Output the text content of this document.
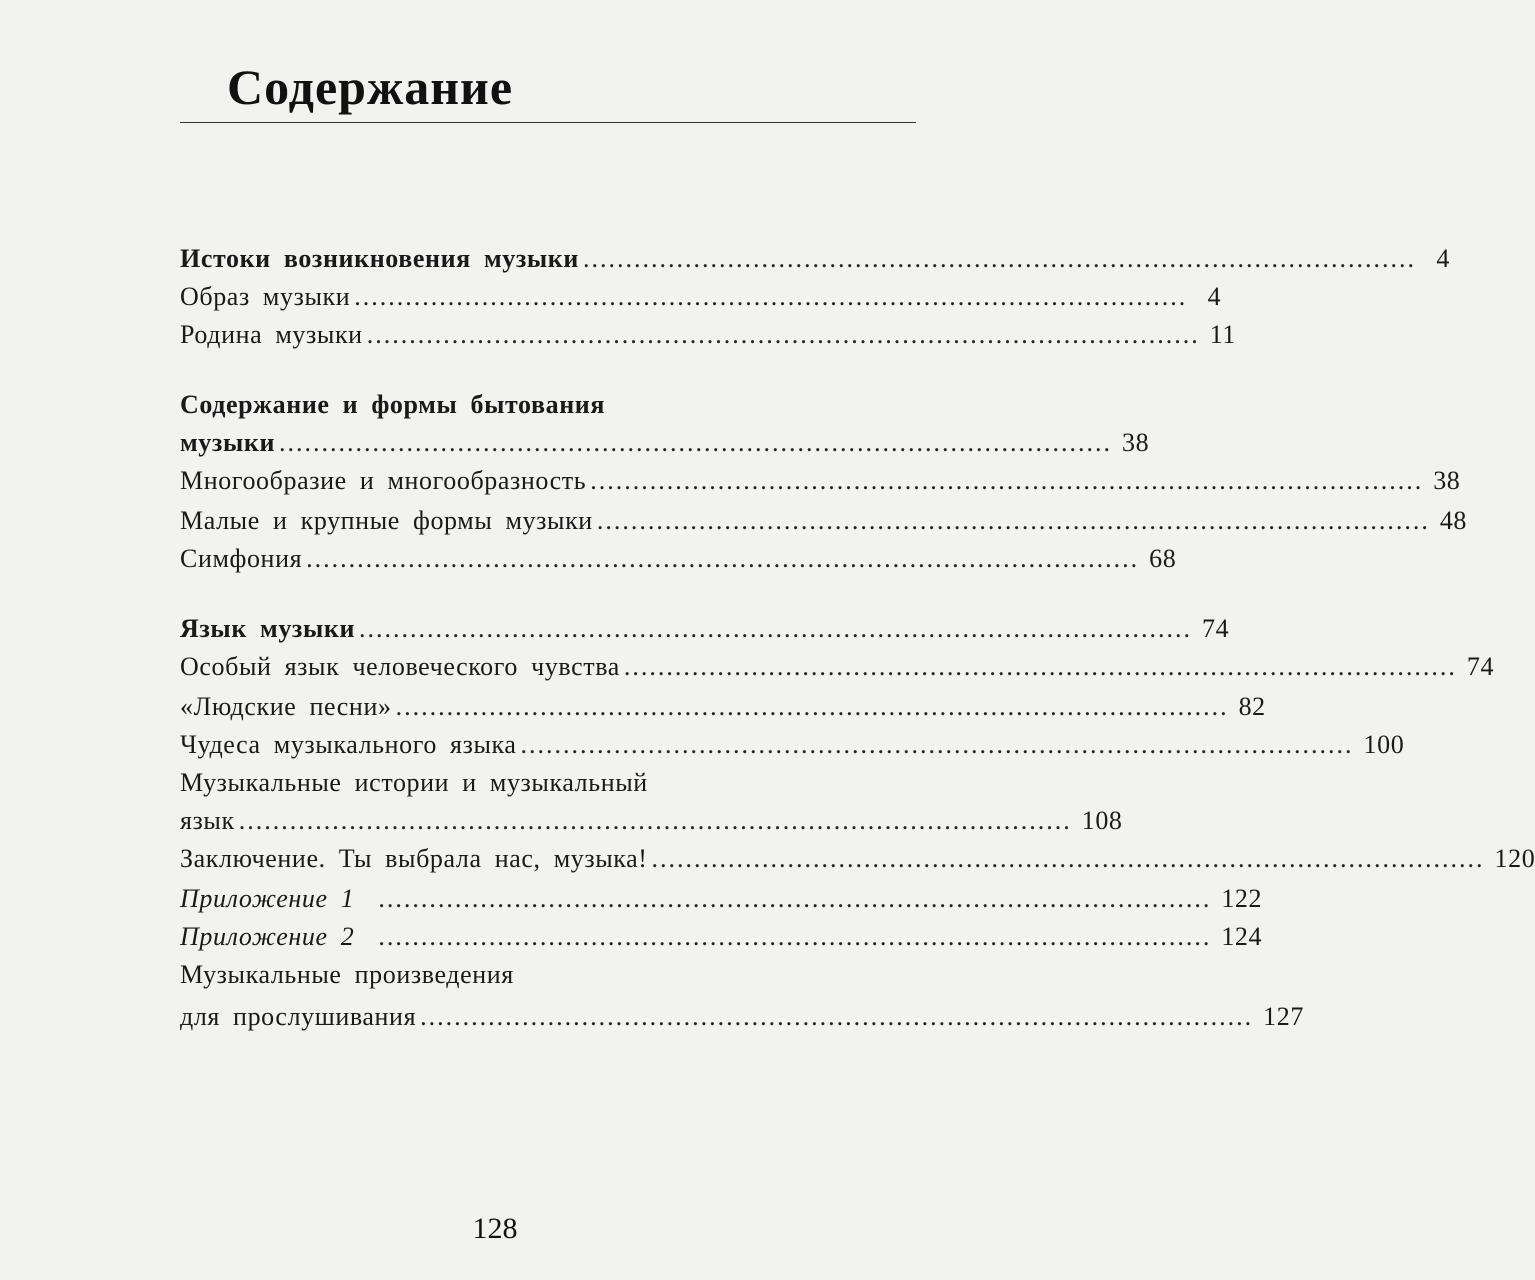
Содержание
Истоки возникновения музыки .................................................................................................. 4
Образ музыки .................................................................................................. 4
Родина музыки .................................................................................................. 11
Содержание и формы бытования
музыки .................................................................................................. 38
Многообразие и многообразность .................................................................................................. 38
Малые и крупные формы музыки .................................................................................................. 48
Симфония .................................................................................................. 68
Язык музыки .................................................................................................. 74
Особый язык человеческого чувства .................................................................................................. 74
«Людские песни» .................................................................................................. 82
Чудеса музыкального языка .................................................................................................. 100
Музыкальные истории и музыкальный
язык .................................................................................................. 108
Заключение. Ты выбрала нас, музыка! .................................................................................................. 120
Приложение 1 .................................................................................................. 122
Приложение 2 .................................................................................................. 124
Музыкальные произведения
для прослушивания .................................................................................................. 127
128
